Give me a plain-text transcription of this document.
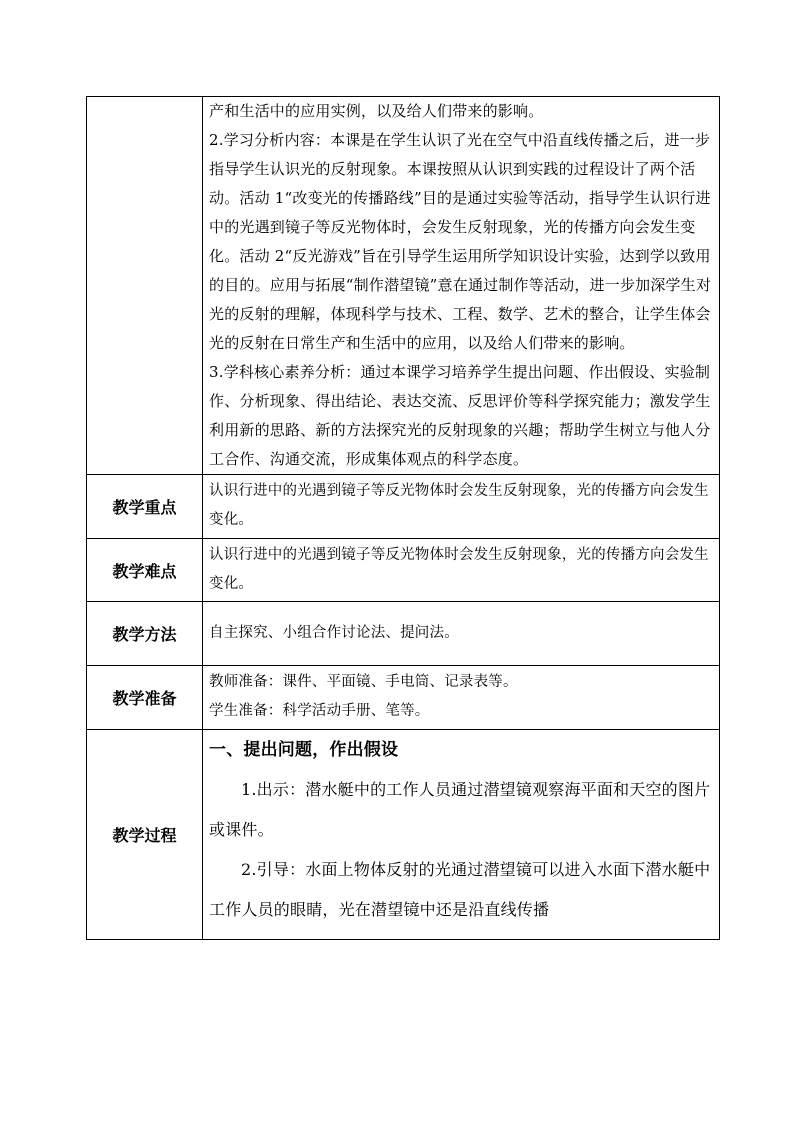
	产和生活中的应用实例，以及给人们带来的影响。

2.学习分析内容：本课是在学生认识了光在空气中沿直线传播之后，进一步指导学生认识光的反射现象。本课按照从认识到实践的过程设计了两个活动。活动 1“改变光的传播路线”目的是通过实验等活动，指导学生认识行进中的光遇到镜子等反光物体时，会发生反射现象，光的传播方向会发生变化。活动 2“反光游戏”旨在引导学生运用所学知识设计实验，达到学以致用的目的。应用与拓展“制作潜望镜”意在通过制作等活动，进一步加深学生对光的反射的理解，体现科学与技术、工程、数学、艺术的整合，让学生体会光的反射在日常生产和生活中的应用，以及给人们带来的影响。

3.学科核心素养分析：通过本课学习培养学生提出问题、作出假设、实验制作、分析现象、得出结论、表达交流、反思评价等科学探究能力；激发学生利用新的思路、新的方法探究光的反射现象的兴趣；帮助学生树立与他人分工合作、沟通交流，形成集体观点的科学态度。

教学重点	认识行进中的光遇到镜子等反光物体时会发生反射现象，光的传播方向会发生变化。
教学难点	认识行进中的光遇到镜子等反光物体时会发生反射现象，光的传播方向会发生变化。
教学方法	自主探究、小组合作讨论法、提问法。
教学准备	教师准备：课件、平面镜、手电筒、记录表等。

学生准备：科学活动手册、笔等。

教学过程	一、提出问题，作出假设

1.出示：潜水艇中的工作人员通过潜望镜观察海平面和天空的图片或课件。

2.引导：水面上物体反射的光通过潜望镜可以进入水面下潜水艇中工作人员的眼睛，光在潜望镜中还是沿直线传播
